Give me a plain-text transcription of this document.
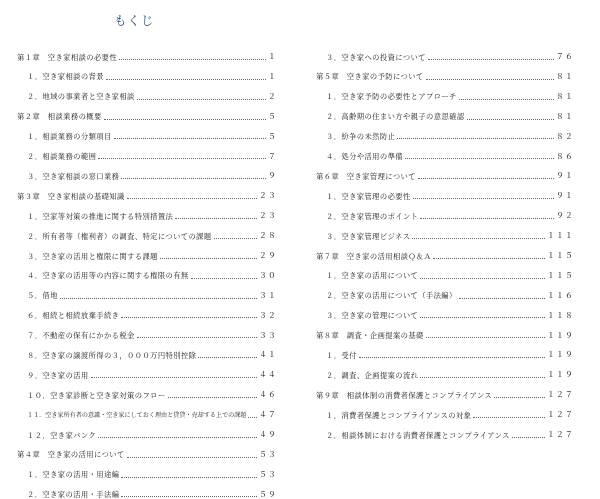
もくじ
第１章　空き家相談の必要性	１
１．空き家相談の背景	１
２．地域の事業者と空き家相談	２
第２章　相談業務の概要	５
１．相談業務の分類項目	５
２．相談業務の範囲	７
３．空き家相談の窓口業務	９
第３章　空き家相談の基礎知識	２３
１．空家等対策の推進に関する特別措置法	２３
２．所有者等（権利者）の調査、特定についての課題	２８
３．空き家の活用と権限に関する課題	２９
４．空き家の活用等の内容に関する権限の有無	３０
５．借地	３１
６．相続と相続放棄手続き	３２
７．不動産の保有にかかる税金	３３
８．空き家の譲渡所得の３，０００万円特別控除	４１
９．空き家の活用	４４
１０．空き家診断と空き家対策のフロー	４６
１１．空き家所有者の意識・空き家にしておく理由と貸貸・売却する上での課題 ４７
１２．空き家バンク	４９
第４章　空き家の活用について	５３
１．空き家の活用・用途編	５３
２．空き家の活用・手法編	５９
３．空き家への投資について	７６
第５章　空き家の予防について	８１
１．空き家予防の必要性とアプローチ	８１
２．高齢期の住まい方や親子の意思確認	８１
３．紛争の未然防止	８２
４．処分や活用の準備	８６
第６章　空き家管理について	９１
１．空き家管理の必要性	９１
２．空き家管理のポイント	９２
３．空き家管理ビジネス	１１１
第７章　空き家の活用相談Ｑ＆Ａ	１１５
１．空き家の活用について	１１５
２．空き家の活用について（手法編）	１１６
３．空き家の管理について	１１８
第８章　調査・企画提案の基礎	１１９
１．受付	１１９
２．調査、企画提案の流れ	１１９
第９章　相談体制の消費者保護とコンプライアンス	１２７
１．消費者保護とコンプライアンスの対象	１２７
２．相談体制における消費者保護とコンプライアンス	１２７
